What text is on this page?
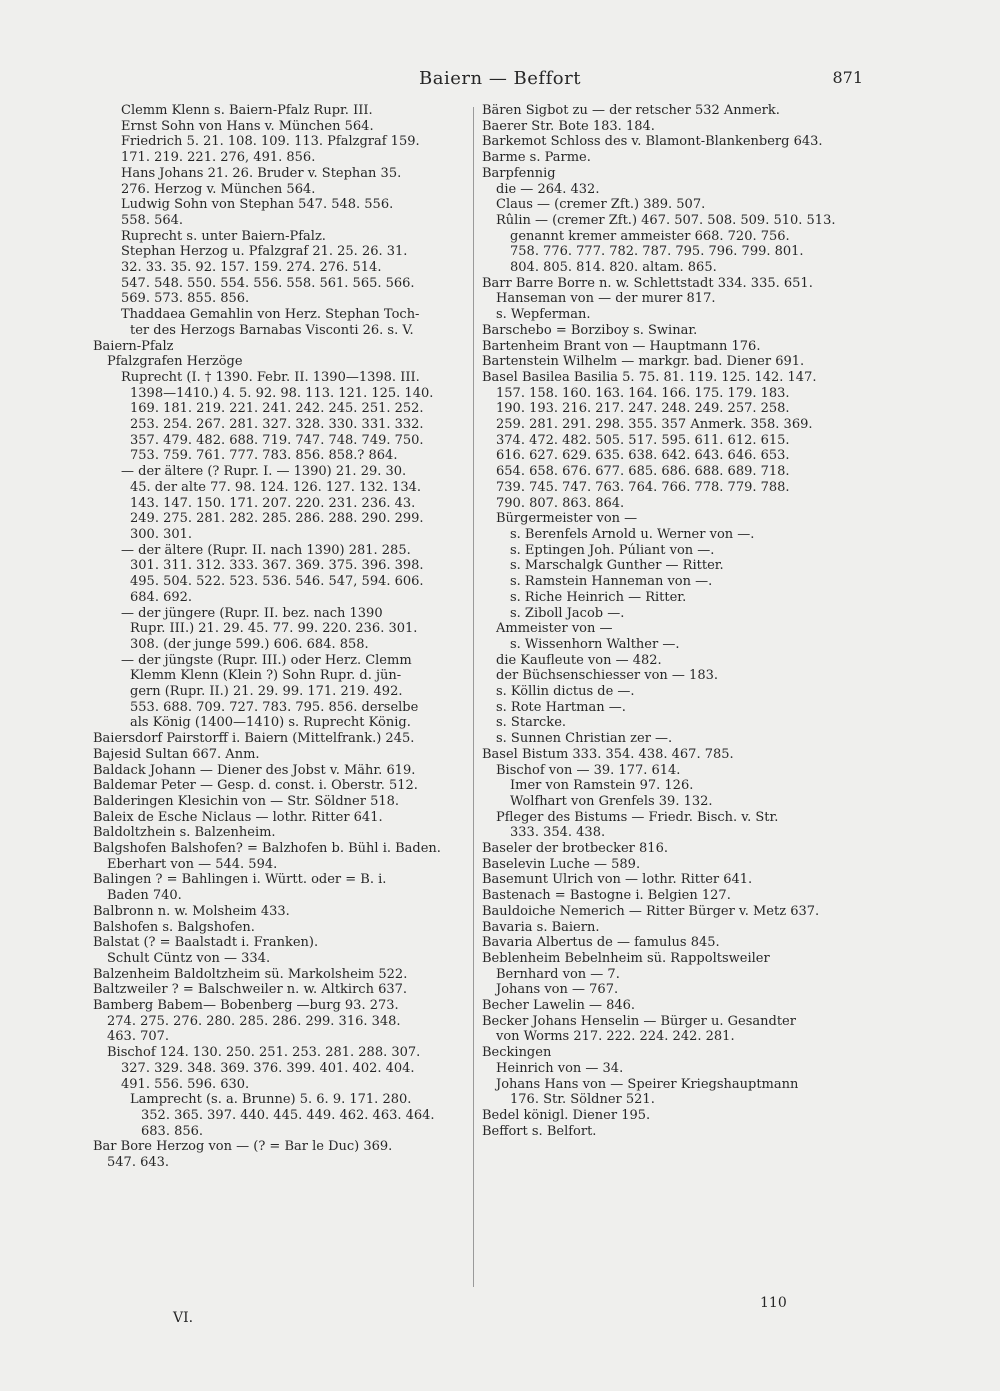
Baiern — Beffort	871
Clemm Klenn s. Baiern-Pfalz Rupr. III.
Ernst Sohn von Hans v. München 564.
Friedrich 5. 21. 108. 109. 113. Pfalzgraf 159.
171. 219. 221. 276, 491. 856.
Hans Johans 21. 26. Bruder v. Stephan 35.
276. Herzog v. München 564.
Ludwig Sohn von Stephan 547. 548. 556.
558. 564.
Ruprecht s. unter Baiern-Pfalz.
Stephan Herzog u. Pfalzgraf 21. 25. 26. 31.
32. 33. 35. 92. 157. 159. 274. 276. 514.
547. 548. 550. 554. 556. 558. 561. 565. 566.
569. 573. 855. 856.
Thaddaea Gemahlin von Herz. Stephan Toch-
ter des Herzogs Barnabas Visconti 26. s. V.
Baiern-Pfalz
Pfalzgrafen Herzöge
Ruprecht (I. † 1390. Febr. II. 1390—1398. III.
1398—1410.) 4. 5. 92. 98. 113. 121. 125. 140.
169. 181. 219. 221. 241. 242. 245. 251. 252.
253. 254. 267. 281. 327. 328. 330. 331. 332.
357. 479. 482. 688. 719. 747. 748. 749. 750.
753. 759. 761. 777. 783. 856. 858.? 864.
— der ältere (? Rupr. I. — 1390) 21. 29. 30.
45. der alte 77. 98. 124. 126. 127. 132. 134.
143. 147. 150. 171. 207. 220. 231. 236. 43.
249. 275. 281. 282. 285. 286. 288. 290. 299.
300. 301.
— der ältere (Rupr. II. nach 1390) 281. 285.
301. 311. 312. 333. 367. 369. 375. 396. 398.
495. 504. 522. 523. 536. 546. 547, 594. 606.
684. 692.
— der jüngere (Rupr. II. bez. nach 1390
Rupr. III.) 21. 29. 45. 77. 99. 220. 236. 301.
308. (der junge 599.) 606. 684. 858.
— der jüngste (Rupr. III.) oder Herz. Clemm
Klemm Klenn (Klein ?) Sohn Rupr. d. jün-
gern (Rupr. II.) 21. 29. 99. 171. 219. 492.
553. 688. 709. 727. 783. 795. 856. derselbe
als König (1400—1410) s. Ruprecht König.
Baiersdorf Pairstorff i. Baiern (Mittelfrank.) 245.
Bajesid Sultan 667. Anm.
Baldack Johann — Diener des Jobst v. Mähr. 619.
Baldemar Peter — Gesp. d. const. i. Oberstr. 512.
Balderingen Klesichin von — Str. Söldner 518.
Baleix de Esche Niclaus — lothr. Ritter 641.
Baldoltzhein s. Balzenheim.
Balgshofen Balshofen? = Balzhofen b. Bühl i. Baden.
Eberhart von — 544. 594.
Balingen ? = Bahlingen i. Württ. oder = B. i.
Baden 740.
Balbronn n. w. Molsheim 433.
Balshofen s. Balgshofen.
Balstat (? = Baalstadt i. Franken).
Schult Cüntz von — 334.
Balzenheim Baldoltzheim sü. Markolsheim 522.
Baltzweiler ? = Balschweiler n. w. Altkirch 637.
Bamberg Babem— Bobenberg —burg 93. 273.
274. 275. 276. 280. 285. 286. 299. 316. 348.
463. 707.
Bischof 124. 130. 250. 251. 253. 281. 288. 307.
327. 329. 348. 369. 376. 399. 401. 402. 404.
491. 556. 596. 630.
Lamprecht (s. a. Brunne) 5. 6. 9. 171. 280.
352. 365. 397. 440. 445. 449. 462. 463. 464.
683. 856.
Bar Bore Herzog von — (? = Bar le Duc) 369.
547. 643.
Bären Sigbot zu — der retscher 532 Anmerk.
Baerer Str. Bote 183. 184.
Barkemot Schloss des v. Blamont-Blankenberg 643.
Barme s. Parme.
Barpfennig
die — 264. 432.
Claus — (cremer Zft.) 389. 507.
Rûlin — (cremer Zft.) 467. 507. 508. 509. 510. 513.
genannt kremer ammeister 668. 720. 756.
758. 776. 777. 782. 787. 795. 796. 799. 801.
804. 805. 814. 820. altam. 865.
Barr Barre Borre n. w. Schlettstadt 334. 335. 651.
Hanseman von — der murer 817.
s. Wepferman.
Barschebo = Borziboy s. Swinar.
Bartenheim Brant von — Hauptmann 176.
Bartenstein Wilhelm — markgr. bad. Diener 691.
Basel Basilea Basilia 5. 75. 81. 119. 125. 142. 147.
157. 158. 160. 163. 164. 166. 175. 179. 183.
190. 193. 216. 217. 247. 248. 249. 257. 258.
259. 281. 291. 298. 355. 357 Anmerk. 358. 369.
374. 472. 482. 505. 517. 595. 611. 612. 615.
616. 627. 629. 635. 638. 642. 643. 646. 653.
654. 658. 676. 677. 685. 686. 688. 689. 718.
739. 745. 747. 763. 764. 766. 778. 779. 788.
790. 807. 863. 864.
Bürgermeister von —
s. Berenfels Arnold u. Werner von —.
s. Eptingen Joh. Púliant von —.
s. Marschalgk Gunther — Ritter.
s. Ramstein Hanneman von —.
s. Riche Heinrich — Ritter.
s. Ziboll Jacob —.
Ammeister von —
s. Wissenhorn Walther —.
die Kaufleute von — 482.
der Büchsenschiesser von — 183.
s. Köllin dictus de —.
s. Rote Hartman —.
s. Starcke.
s. Sunnen Christian zer —.
Basel Bistum 333. 354. 438. 467. 785.
Bischof von — 39. 177. 614.
Imer von Ramstein 97. 126.
Wolfhart von Grenfels 39. 132.
Pfleger des Bistums — Friedr. Bisch. v. Str.
333. 354. 438.
Baseler der brotbecker 816.
Baselevin Luche — 589.
Basemunt Ulrich von — lothr. Ritter 641.
Bastenach = Bastogne i. Belgien 127.
Bauldoiche Nemerich — Ritter Bürger v. Metz 637.
Bavaria s. Baiern.
Bavaria Albertus de — famulus 845.
Beblenheim Bebelnheim sü. Rappoltsweiler
Bernhard von — 7.
Johans von — 767.
Becher Lawelin — 846.
Becker Johans Henselin — Bürger u. Gesandter
von Worms 217. 222. 224. 242. 281.
Beckingen
Heinrich von — 34.
Johans Hans von — Speirer Kriegshauptmann
176. Str. Söldner 521.
Bedel königl. Diener 195.
Beffort s. Belfort.
VI.
110
